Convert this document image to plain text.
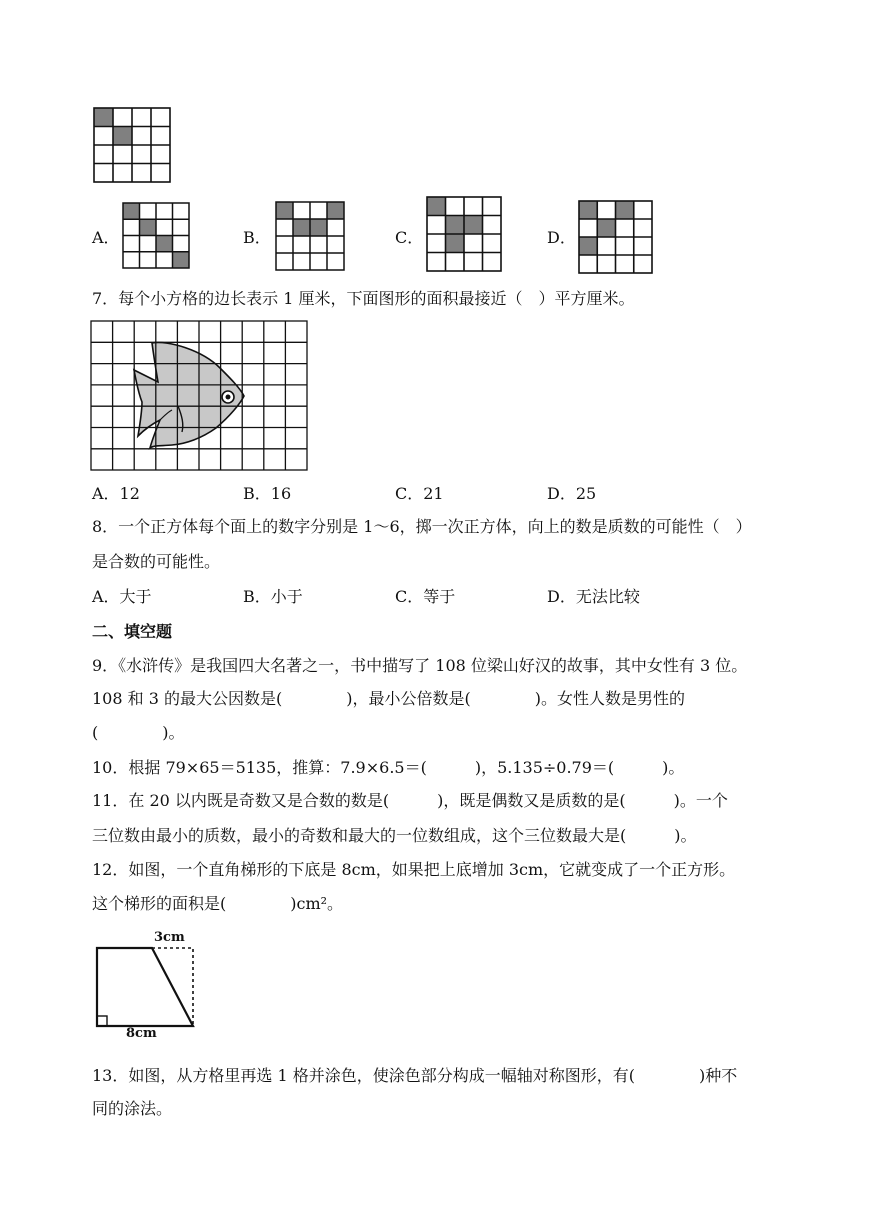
A．	B．	C．	D．
7．每个小方格的边长表示 1 厘米，下面图形的面积最接近（　）平方厘米。
A．12	B．16	C．21	D．25
8．一个正方体每个面上的数字分别是 1～6，掷一次正方体，向上的数是质数的可能性（　）
是合数的可能性。
A．大于	B．小于	C．等于	D．无法比较
二、填空题
9．《水浒传》是我国四大名著之一，书中描写了 108 位梁山好汉的故事，其中女性有 3 位。
108 和 3 的最大公因数是(　　　　)，最小公倍数是(　　　　)。女性人数是男性的
(　　　　)。
10．根据 79×65＝5135，推算：7.9×6.5＝(　　　)，5.135÷0.79＝(　　　)。
11．在 20 以内既是奇数又是合数的数是(　　　)，既是偶数又是质数的是(　　　)。一个
三位数由最小的质数，最小的奇数和最大的一位数组成，这个三位数最大是(　　　)。
12．如图，一个直角梯形的下底是 8cm，如果把上底增加 3cm，它就变成了一个正方形。
这个梯形的面积是(　　　　)cm²。
3cm
8cm
13．如图，从方格里再选 1 格并涂色，使涂色部分构成一幅轴对称图形，有(　　　　)种不
同的涂法。
